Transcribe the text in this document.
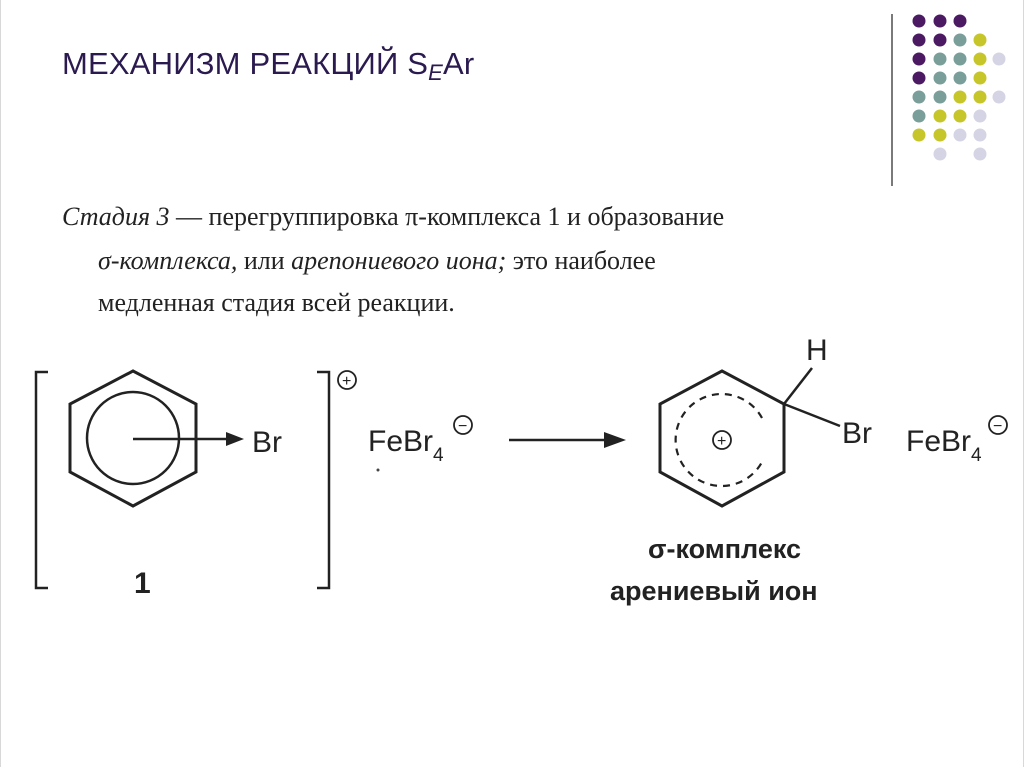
МЕХАНИЗМ РЕАКЦИЙ $S_EAr$
Стадия 3 — перегруппировка π-комплекса 1 и образование
σ-комплекса, или арenoниевого иона; это наиболее
медленная стадия всей реакции.
Br
+
FeBr$_4$
−
1
+
H
Br FeBr$_4$
−
σ-комплекс
арениевый ион
